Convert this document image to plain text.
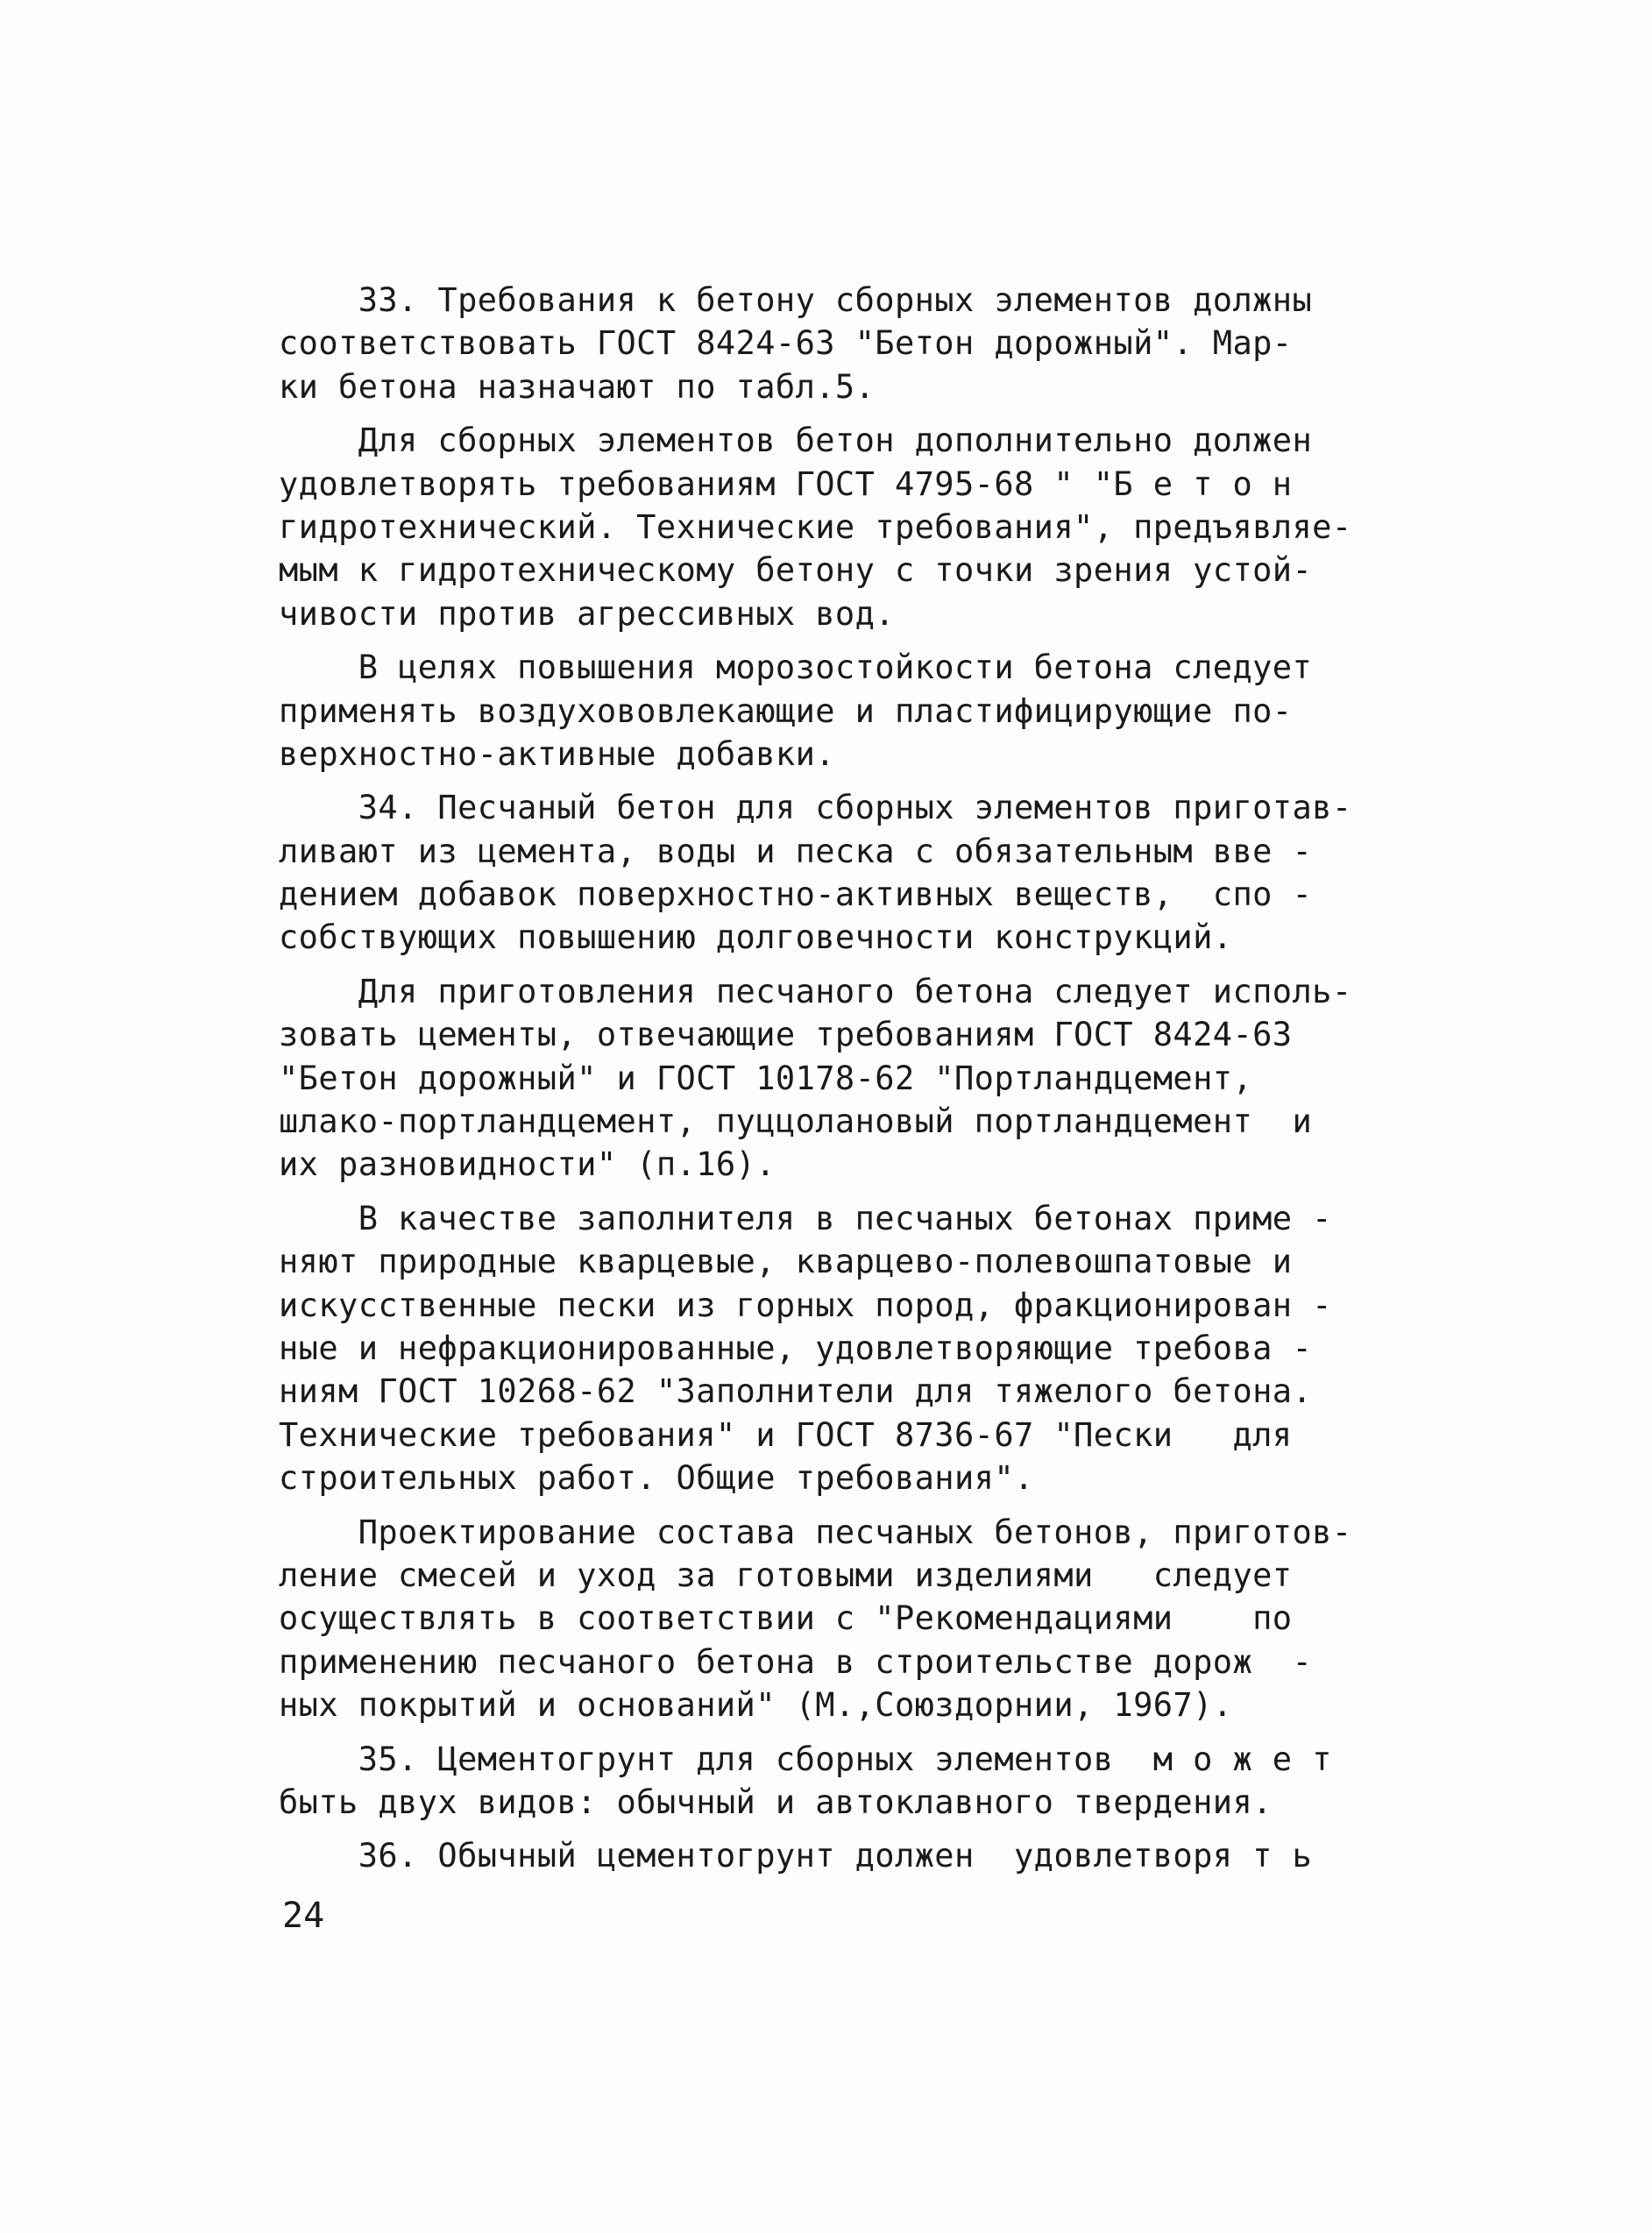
33. Требования к бетону сборных элементов должны
соответствовать ГОСТ 8424-63 "Бетон дорожный". Мар-
ки бетона назначают по табл.5.
Для сборных элементов бетон дополнительно должен
удовлетворять требованиям ГОСТ 4795-68 " "Б е т о н
гидротехнический. Технические требования", предъявляе-
мым к гидротехническому бетону с точки зрения устой-
чивости против агрессивных вод.
В целях повышения морозостойкости бетона следует
применять воздухововлекающие и пластифицирующие по-
верхностно-активные добавки.
34. Песчаный бетон для сборных элементов приготав-
ливают из цемента, воды и песка с обязательным вве -
дением добавок поверхностно-активных веществ,  спо -
собствующих повышению долговечности конструкций.
Для приготовления песчаного бетона следует исполь-
зовать цементы, отвечающие требованиям ГОСТ 8424-63
"Бетон дорожный" и ГОСТ 10178-62 "Портландцемент,
шлако-портландцемент, пуццолановый портландцемент  и
их разновидности" (п.16).
В качестве заполнителя в песчаных бетонах приме -
няют природные кварцевые, кварцево-полевошпатовые и
искусственные пески из горных пород, фракционирован -
ные и нефракционированные, удовлетворяющие требова -
ниям ГОСТ 10268-62 "Заполнители для тяжелого бетона.
Технические требования" и ГОСТ 8736-67 "Пески   для
строительных работ. Общие требования".
Проектирование состава песчаных бетонов, приготов-
ление смесей и уход за готовыми изделиями   следует
осуществлять в соответствии с "Рекомендациями    по
применению песчаного бетона в строительстве дорож  -
ных покрытий и оснований" (М.,Союздорнии, 1967).
35. Цементогрунт для сборных элементов  м о ж е т
быть двух видов: обычный и автоклавного твердения.
36. Обычный цементогрунт должен  удовлетворя т ь
24
